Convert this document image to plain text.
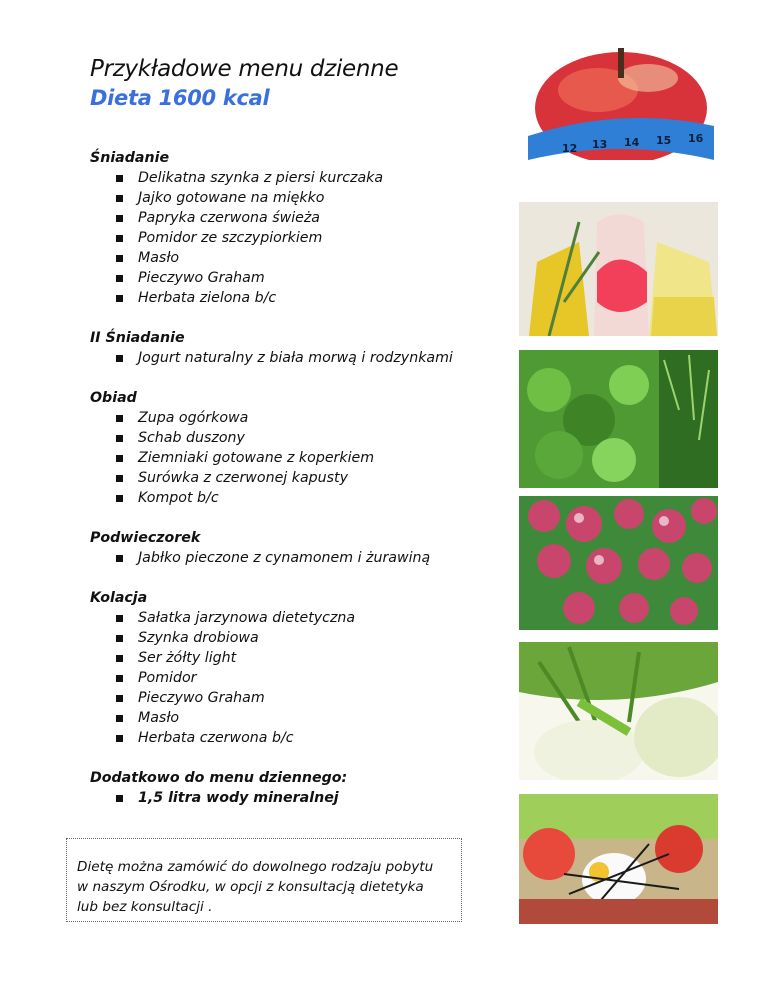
Przykładowe menu dzienne
Dieta 1600 kcal
Śniadanie
Delikatna szynka z piersi kurczaka
Jajko gotowane na miękko
Papryka czerwona świeża
Pomidor ze szczypiorkiem
Masło
Pieczywo Graham
Herbata zielona b/c
II Śniadanie
Jogurt naturalny z biała morwą i rodzynkami
Obiad
Zupa ogórkowa
Schab duszony
Ziemniaki gotowane z koperkiem
Surówka z czerwonej kapusty
Kompot b/c
Podwieczorek
Jabłko pieczone z cynamonem i żurawiną
Kolacja
Sałatka jarzynowa dietetyczna
Szynka drobiowa
Ser żółty light
Pomidor
Pieczywo Graham
Masło
Herbata czerwona b/c
Dodatkowo do menu dziennego:
1,5 litra wody mineralnej
Dietę można zamówić do dowolnego rodzaju pobytu
w naszym Ośrodku, w opcji z konsultacją dietetyka
lub bez konsultacji .
12 13 14 15 16
